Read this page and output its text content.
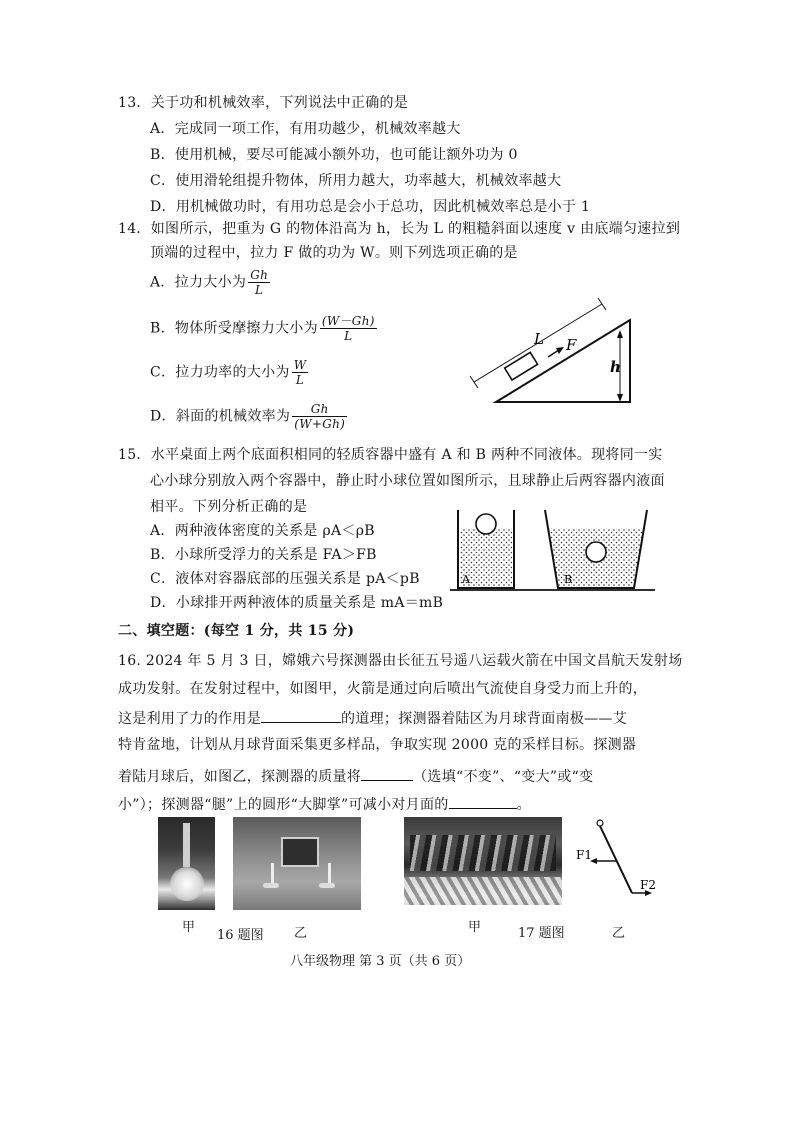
13．关于功和机械效率，下列说法中正确的是
A．完成同一项工作，有用功越少，机械效率越大
B．使用机械，要尽可能减小额外功，也可能让额外功为 0
C．使用滑轮组提升物体，所用力越大，功率越大，机械效率越大
D．用机械做功时，有用功总是会小于总功，因此机械效率总是小于 1
14．如图所示，把重为 G 的物体沿高为 h，长为 L 的粗糙斜面以速度 v 由底端匀速拉到
顶端的过程中，拉力 F 做的功为 W。则下列选项正确的是
A．拉力大小为 $\frac{Gh}{L}$
B．物体所受摩擦力大小为 $\frac{(W-Gh)}{L}$
C．拉力功率的大小为 $\frac{W}{L}$
D．斜面的机械效率为 $\frac{Gh}{(W+Gh)}$
L F
h
15．水平桌面上两个底面积相同的轻质容器中盛有 A 和 B 两种不同液体。现将同一实
心小球分别放入两个容器中，静止时小球位置如图所示，且球静止后两容器内液面
相平。下列分析正确的是
A．两种液体密度的关系是 ρA＜ρB
B．小球所受浮力的关系是 FA＞FB
C．液体对容器底部的压强关系是 pA＜pB
D．小球排开两种液体的质量关系是 mA＝mB
A	B
二、填空题：(每空 1 分，共 15 分)
16. 2024 年 5 月 3 日，嫦娥六号探测器由长征五号遥八运载火箭在中国文昌航天发射场
成功发射。在发射过程中，如图甲，火箭是通过向后喷出气流使自身受力而上升的，
这是利用了力的作用是	的道理；探测器着陆区为月球背面南极——艾
特肯盆地，计划从月球背面采集更多样品，争取实现 2000 克的采样目标。探测器
着陆月球后，如图乙，探测器的质量将	（选填“不变”、“变大”或“变
小”）；探测器“腿”上的圆形“大脚掌”可减小对月面的	。
F1
F2
甲	乙
16 题图
甲	17 题图	乙
八年级物理 第 3 页（共 6 页）
